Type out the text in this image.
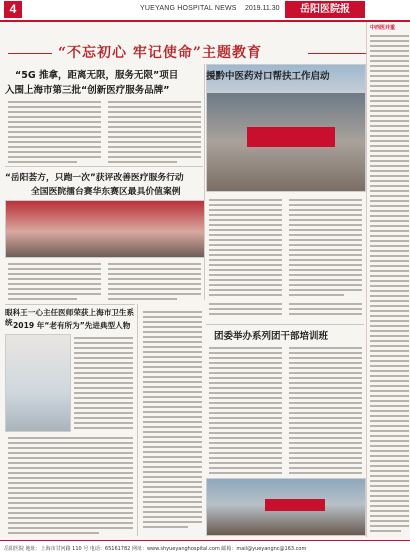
4	YUEYANG HOSPITAL NEWS 2019.11.30	岳阳医院报
“不忘初心 牢记使命”主题教育
“5G 推拿，距离无限，服务无限”项目
入围上海市第三批“创新医疗服务品牌”
援黔中医药对口帮扶工作启动
“岳阳荟方，只跑一次”获评改善医疗服务行动
全国医院擂台赛华东赛区最具价值案例
眼科王一心主任医师荣获上海市卫生系统 2019 年“老有所为”先进典型人物
团委举办系列团干部培训班
中西医并重
岳阳医院 地址：上海市甘河路 110 号 电话：65161782 网址：www.shyueyanghospital.com 邮箱：mail@yueyangnc@163.com
